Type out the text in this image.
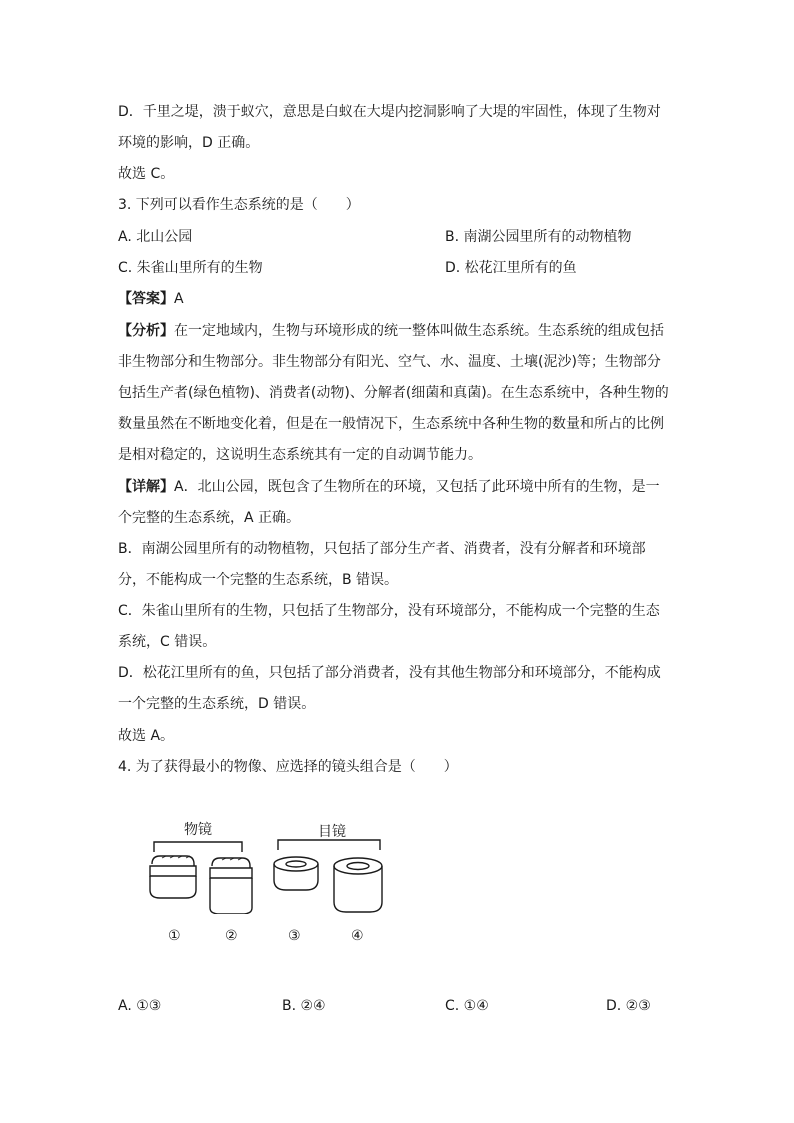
D．千里之堤，溃于蚁穴，意思是白蚁在大堤内挖洞影响了大堤的牢固性，体现了生物对
环境的影响，D 正确。
故选 C。
3. 下列可以看作生态系统的是（　　）
A. 北山公园	B. 南湖公园里所有的动物植物
C. 朱雀山里所有的生物	D. 松花江里所有的鱼
【答案】A
【分析】在一定地域内，生物与环境形成的统一整体叫做生态系统。生态系统的组成包括
非生物部分和生物部分。非生物部分有阳光、空气、水、温度、土壤(泥沙)等；生物部分
包括生产者(绿色植物)、消费者(动物)、分解者(细菌和真菌)。在生态系统中，各种生物的
数量虽然在不断地变化着，但是在一般情况下，生态系统中各种生物的数量和所占的比例
是相对稳定的，这说明生态系统其有一定的自动调节能力。
【详解】A．北山公园，既包含了生物所在的环境，又包括了此环境中所有的生物，是一
个完整的生态系统，A 正确。
B．南湖公园里所有的动物植物，只包括了部分生产者、消费者，没有分解者和环境部
分，不能构成一个完整的生态系统，B 错误。
C．朱雀山里所有的生物，只包括了生物部分，没有环境部分，不能构成一个完整的生态
系统，C 错误。
D．松花江里所有的鱼，只包括了部分消费者，没有其他生物部分和环境部分，不能构成
一个完整的生态系统，D 错误。
故选 A。
4. 为了获得最小的物像、应选择的镜头组合是（　　）
物镜	目镜
①	②	③	④
A. ①③	B. ②④	C. ①④	D. ②③
